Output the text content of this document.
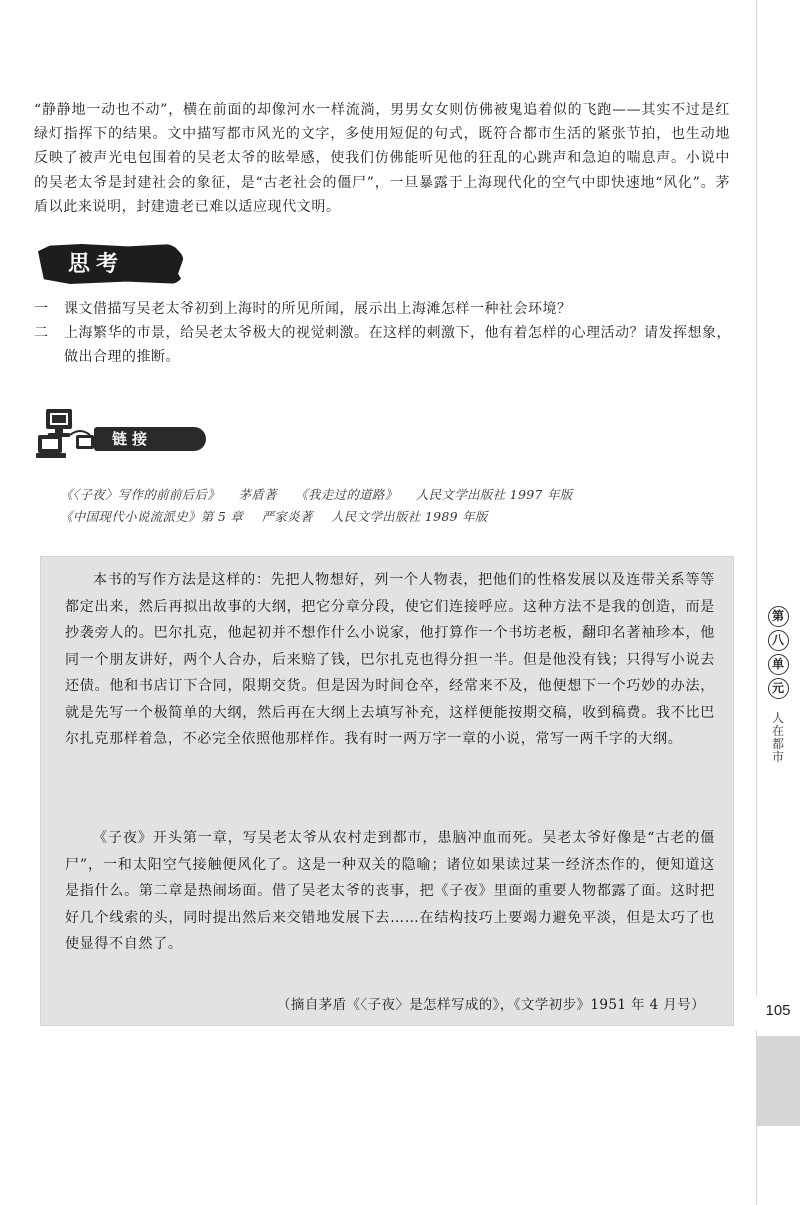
“静静地一动也不动”，横在前面的却像河水一样流淌，男男女女则仿佛被鬼追着似的飞跑——其实不过是红绿灯指挥下的结果。文中描写都市风光的文字，多使用短促的句式，既符合都市生活的紧张节拍，也生动地反映了被声光电包围着的吴老太爷的眩晕感，使我们仿佛能听见他的狂乱的心跳声和急迫的喘息声。小说中的吴老太爷是封建社会的象征，是“古老社会的僵尸”，一旦暴露于上海现代化的空气中即快速地“风化”。茅盾以此来说明，封建遗老已难以适应现代文明。

思考
一 课文借描写吴老太爷初到上海时的所见所闻，展示出上海滩怎样一种社会环境？
二 上海繁华的市景，给吴老太爷极大的视觉刺激。在这样的刺激下，他有着怎样的心理活动？请发挥想象，做出合理的推断。
链接
《〈子夜〉写作的前前后后》 茅盾著 《我走过的道路》 人民文学出版社 1997 年版
《中国现代小说流派史》第 5 章 严家炎著 人民文学出版社 1989 年版

本书的写作方法是这样的：先把人物想好，列一个人物表，把他们的性格发展以及连带关系等等都定出来，然后再拟出故事的大纲，把它分章分段，使它们连接呼应。这种方法不是我的创造，而是抄袭旁人的。巴尔扎克，他起初并不想作什么小说家，他打算作一个书坊老板，翻印名著袖珍本，他同一个朋友讲好，两个人合办，后来赔了钱，巴尔扎克也得分担一半。但是他没有钱；只得写小说去还债。他和书店订下合同，限期交货。但是因为时间仓卒，经常来不及，他便想下一个巧妙的办法，就是先写一个极简单的大纲，然后再在大纲上去填写补充，这样便能按期交稿，收到稿费。我不比巴尔扎克那样着急，不必完全依照他那样作。我有时一两万字一章的小说，常写一两千字的大纲。

《子夜》开头第一章，写吴老太爷从农村走到都市，患脑冲血而死。吴老太爷好像是“古老的僵尸”，一和太阳空气接触便风化了。这是一种双关的隐喻；诸位如果读过某一经济杰作的，便知道这是指什么。第二章是热闹场面。借了吴老太爷的丧事，把《子夜》里面的重要人物都露了面。这时把好几个线索的头，同时提出然后来交错地发展下去……在结构技巧上要竭力避免平淡，但是太巧了也使显得不自然了。

（摘自茅盾《〈子夜〉是怎样写成的》，《文学初步》1951 年 4 月号）
第
八
单
元
人
在
都
市
105
